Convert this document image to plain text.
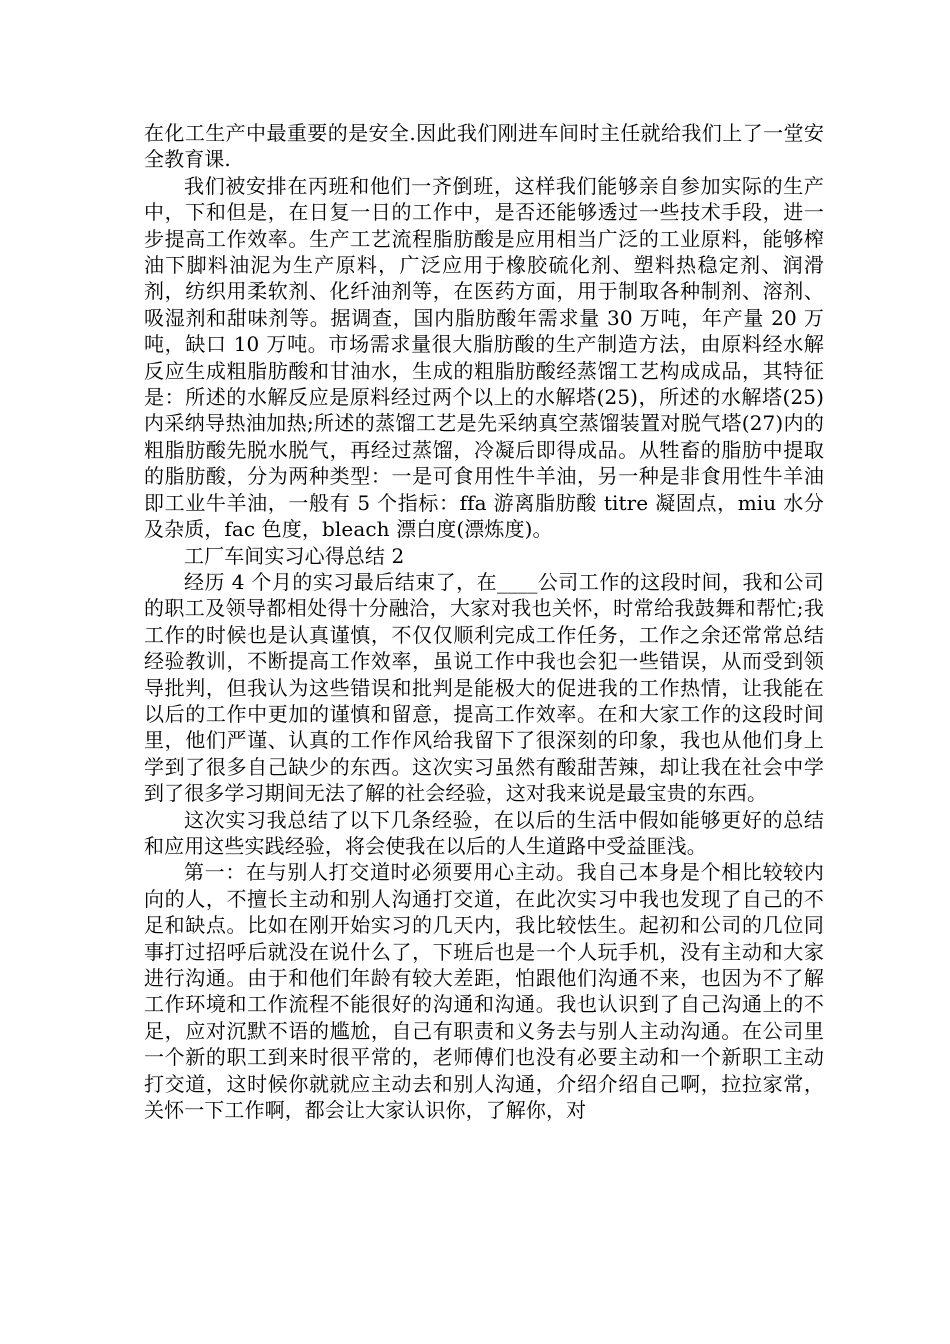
在化工生产中最重要的是安全.因此我们刚进车间时主任就给我们上了一堂安全教育课.

我们被安排在丙班和他们一齐倒班，这样我们能够亲自参加实际的生产中，下和但是，在日复一日的工作中，是否还能够透过一些技术手段，进一步提高工作效率。生产工艺流程脂肪酸是应用相当广泛的工业原料，能够榨油下脚料油泥为生产原料，广泛应用于橡胶硫化剂、塑料热稳定剂、润滑剂，纺织用柔软剂、化纤油剂等，在医药方面，用于制取各种制剂、溶剂、吸湿剂和甜味剂等。据调查，国内脂肪酸年需求量 30 万吨，年产量 20 万吨，缺口 10 万吨。市场需求量很大脂肪酸的生产制造方法，由原料经水解反应生成粗脂肪酸和甘油水，生成的粗脂肪酸经蒸馏工艺构成成品，其特征是：所述的水解反应是原料经过两个以上的水解塔(25)，所述的水解塔(25)内采纳导热油加热;所述的蒸馏工艺是先采纳真空蒸馏装置对脱气塔(27)内的粗脂肪酸先脱水脱气，再经过蒸馏，冷凝后即得成品。从牲畜的脂肪中提取的脂肪酸，分为两种类型：一是可食用性牛羊油，另一种是非食用性牛羊油即工业牛羊油，一般有 5 个指标：ffa 游离脂肪酸 titre 凝固点，miu 水分及杂质，fac 色度，bleach 漂白度(漂炼度)。

工厂车间实习心得总结 2

经历 4 个月的实习最后结束了，在____公司工作的这段时间，我和公司的职工及领导都相处得十分融洽，大家对我也关怀，时常给我鼓舞和帮忙;我工作的时候也是认真谨慎，不仅仅顺利完成工作任务，工作之余还常常总结经验教训，不断提高工作效率，虽说工作中我也会犯一些错误，从而受到领导批判，但我认为这些错误和批判是能极大的促进我的工作热情，让我能在以后的工作中更加的谨慎和留意，提高工作效率。在和大家工作的这段时间里，他们严谨、认真的工作作风给我留下了很深刻的印象，我也从他们身上学到了很多自己缺少的东西。这次实习虽然有酸甜苦辣，却让我在社会中学到了很多学习期间无法了解的社会经验，这对我来说是最宝贵的东西。

这次实习我总结了以下几条经验，在以后的生活中假如能够更好的总结和应用这些实践经验，将会使我在以后的人生道路中受益匪浅。

第一：在与别人打交道时必须要用心主动。我自己本身是个相比较较内向的人，不擅长主动和别人沟通打交道，在此次实习中我也发现了自己的不足和缺点。比如在刚开始实习的几天内，我比较怯生。起初和公司的几位同事打过招呼后就没在说什么了，下班后也是一个人玩手机，没有主动和大家进行沟通。由于和他们年龄有较大差距，怕跟他们沟通不来，也因为不了解工作环境和工作流程不能很好的沟通和沟通。我也认识到了自己沟通上的不足，应对沉默不语的尴尬，自己有职责和义务去与别人主动沟通。在公司里一个新的职工到来时很平常的，老师傅们也没有必要主动和一个新职工主动打交道，这时候你就就应主动去和别人沟通，介绍介绍自己啊，拉拉家常，关怀一下工作啊，都会让大家认识你，了解你，对
